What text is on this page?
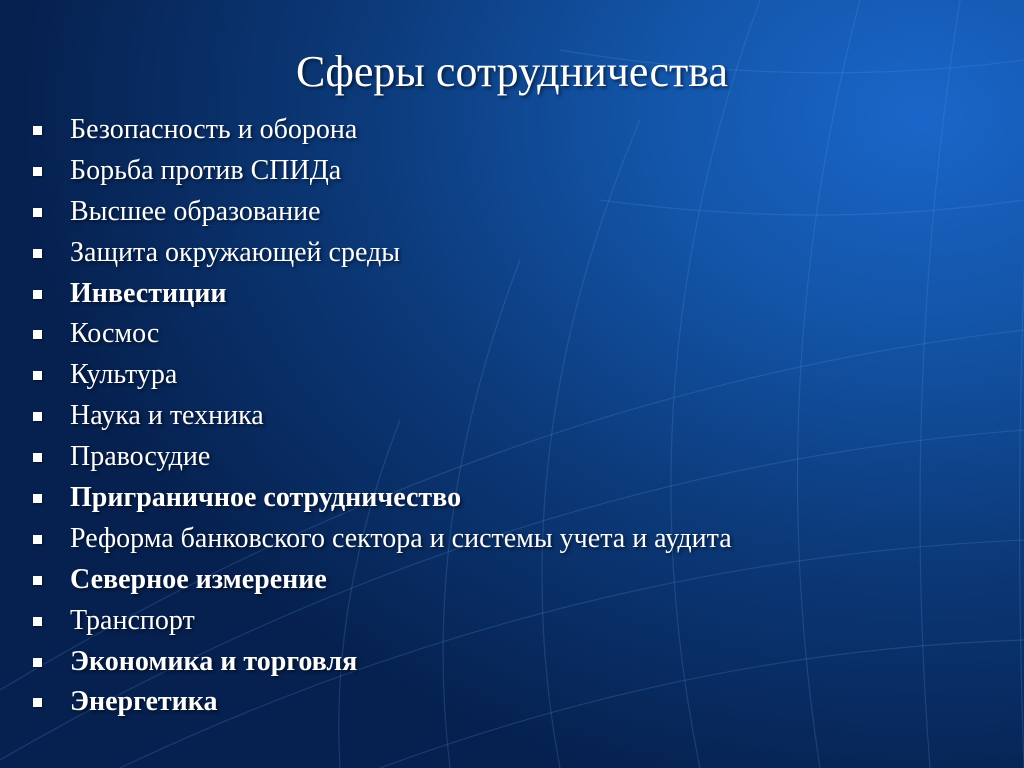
Сферы сотрудничества
Безопасность и оборона
Борьба против СПИДа
Высшее образование
Защита окружающей среды
Инвестиции
Космос
Культура
Наука и техника
Правосудие
Приграничное сотрудничество
Реформа банковского сектора и системы учета и аудита
Северное измерение
Транспорт
Экономика и торговля
Энергетика
